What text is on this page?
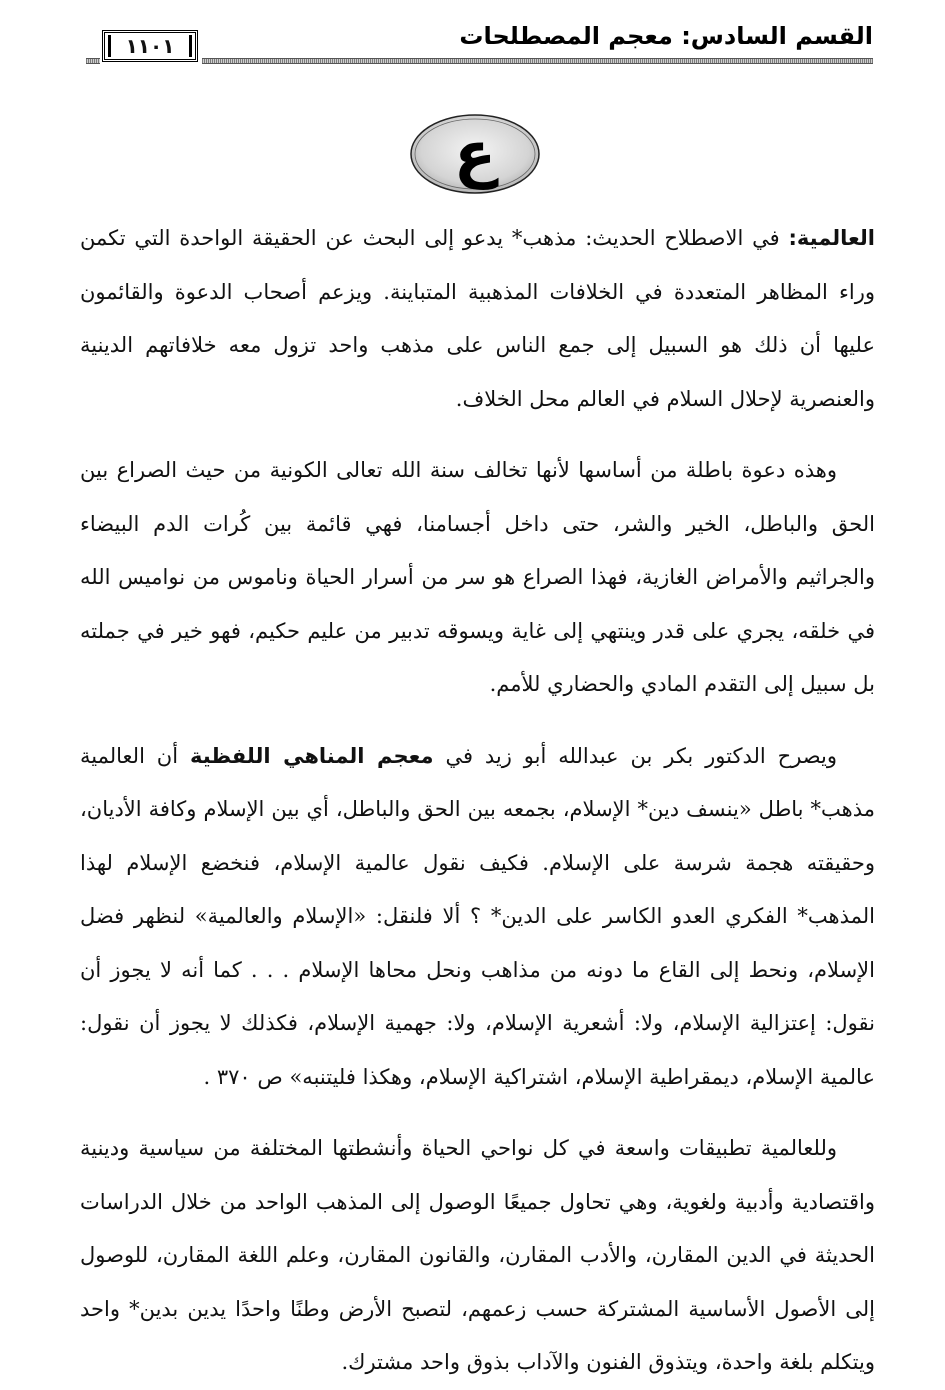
القسم السادس: معجم المصطلحات
١١٠١
ع

العالمية: في الاصطلاح الحديث: مذهب* يدعو إلى البحث عن الحقيقة الواحدة التي تكمن وراء المظاهر المتعددة في الخلافات المذهبية المتباينة. ويزعم أصحاب الدعوة والقائمون عليها أن ذلك هو السبيل إلى جمع الناس على مذهب واحد تزول معه خلافاتهم الدينية والعنصرية لإحلال السلام في العالم محل الخلاف.

وهذه دعوة باطلة من أساسها لأنها تخالف سنة الله تعالى الكونية من حيث الصراع بين الحق والباطل، الخير والشر، حتى داخل أجسامنا، فهي قائمة بين كُرات الدم البيضاء والجراثيم والأمراض الغازية، فهذا الصراع هو سر من أسرار الحياة وناموس من نواميس الله في خلقه، يجري على قدر وينتهي إلى غاية ويسوقه تدبير من عليم حكيم، فهو خير في جملته بل سبيل إلى التقدم المادي والحضاري للأمم.

ويصرح الدكتور بكر بن عبدالله أبو زيد في معجم المناهي اللفظية أن العالمية مذهب* باطل «ينسف دين* الإسلام، بجمعه بين الحق والباطل، أي بين الإسلام وكافة الأديان، وحقيقته هجمة شرسة على الإسلام. فكيف نقول عالمية الإسلام، فنخضع الإسلام لهذا المذهب* الفكري العدو الكاسر على الدين* ؟ ألا فلنقل: «الإسلام والعالمية» لنظهر فضل الإسلام، ونحط إلى القاع ما دونه من مذاهب ونحل محاها الإسلام . . . كما أنه لا يجوز أن نقول: إعتزالية الإسلام، ولا: أشعرية الإسلام، ولا: جهمية الإسلام، فكذلك لا يجوز أن نقول: عالمية الإسلام، ديمقراطية الإسلام، اشتراكية الإسلام، وهكذا فليتنبه» ص ٣٧٠ .

وللعالمية تطبيقات واسعة في كل نواحي الحياة وأنشطتها المختلفة من سياسية ودينية واقتصادية وأدبية ولغوية، وهي تحاول جميعًا الوصول إلى المذهب الواحد من خلال الدراسات الحديثة في الدين المقارن، والأدب المقارن، والقانون المقارن، وعلم اللغة المقارن، للوصول إلى الأصول الأساسية المشتركة حسب زعمهم، لتصبح الأرض وطنًا واحدًا يدين بدين* واحد ويتكلم بلغة واحدة، ويتذوق الفنون والآداب بذوق واحد مشترك.
